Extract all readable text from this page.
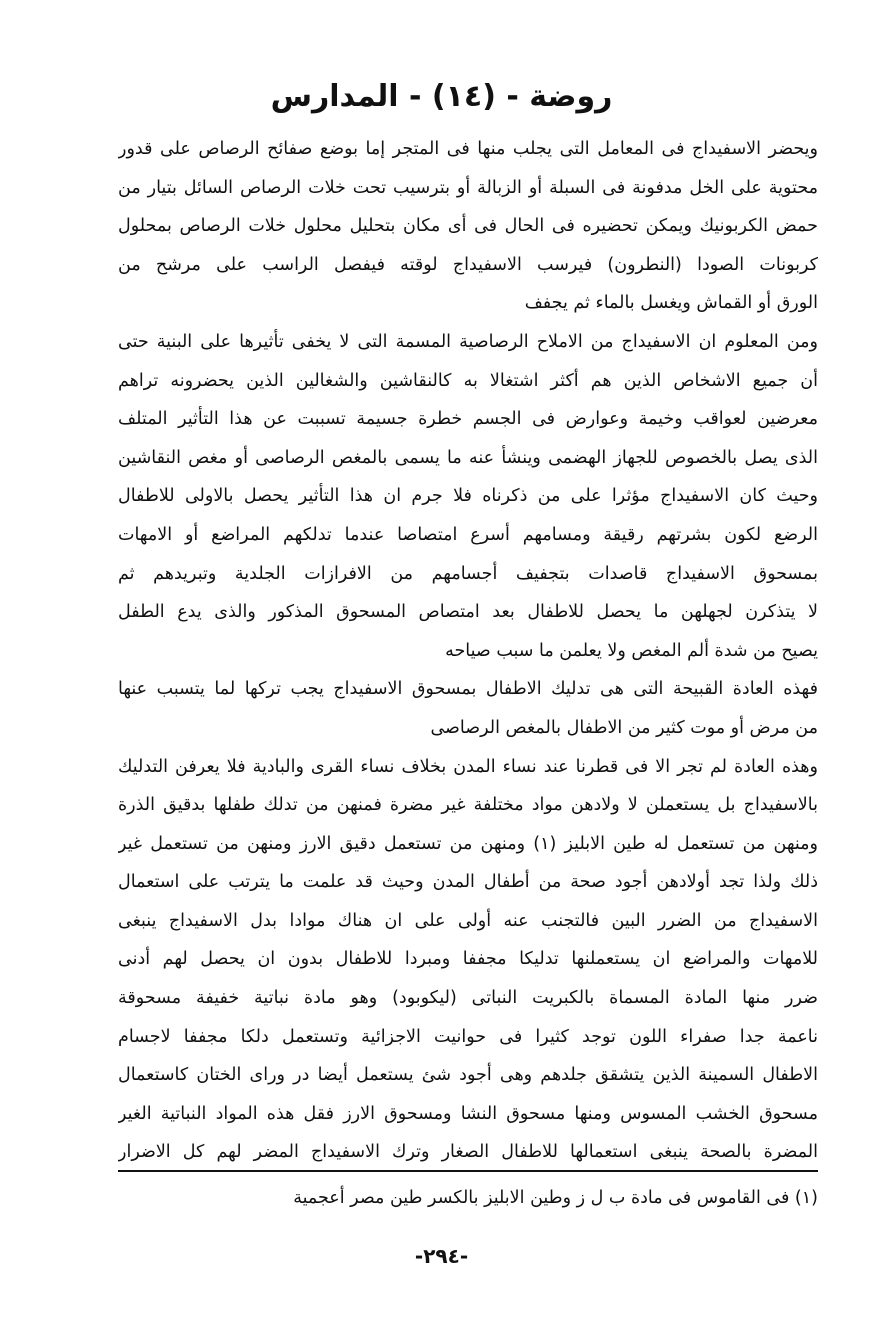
روضة - (١٤) - المدارس
ويحضر الاسفيداج فى المعامل التى يجلب منها فى المتجر إما بوضع صفائح الرصاص على قدور
محتوية على الخل مدفونة فى السبلة أو الزبالة أو بترسيب تحت خلات الرصاص السائل بتيار من
حمض الكربونيك ويمكن تحضيره فى الحال فى أى مكان بتحليل محلول خلات الرصاص بمحلول
كربونات الصودا (النطرون) فيرسب الاسفيداج لوقته فيفصل الراسب على مرشح من
الورق أو القماش ويغسل بالماء ثم يجفف
ومن المعلوم ان الاسفيداج من الاملاح الرصاصية المسمة التى لا يخفى تأثيرها على البنية حتى
أن جميع الاشخاص الذين هم أكثر اشتغالا به كالنقاشين والشغالين الذين يحضرونه تراهم
معرضين لعواقب وخيمة وعوارض فى الجسم خطرة جسيمة تسببت عن هذا التأثير المتلف
الذى يصل بالخصوص للجهاز الهضمى وينشأ عنه ما يسمى بالمغص الرصاصى أو مغص النقاشين
وحيث كان الاسفيداج مؤثرا على من ذكرناه فلا جرم ان هذا التأثير يحصل بالاولى للاطفال
الرضع لكون بشرتهم رقيقة ومسامهم أسرع امتصاصا عندما تدلكهم المراضع أو الامهات
بمسحوق الاسفيداج قاصدات بتجفيف أجسامهم من الافرازات الجلدية وتبريدهم ثم
لا يتذكرن لجهلهن ما يحصل للاطفال بعد امتصاص المسحوق المذكور والذى يدع الطفل
يصيح من شدة ألم المغص ولا يعلمن ما سبب صياحه
فهذه العادة القبيحة التى هى تدليك الاطفال بمسحوق الاسفيداج يجب تركها لما يتسبب عنها
من مرض أو موت كثير من الاطفال بالمغص الرصاصى
وهذه العادة لم تجر الا فى قطرنا عند نساء المدن بخلاف نساء القرى والبادية فلا يعرفن التدليك
بالاسفيداج بل يستعملن لا ولادهن مواد مختلفة غير مضرة فمنهن من تدلك طفلها بدقيق الذرة
ومنهن من تستعمل له طين الابليز (١) ومنهن من تستعمل دقيق الارز ومنهن من تستعمل غير
ذلك ولذا تجد أولادهن أجود صحة من أطفال المدن وحيث قد علمت ما يترتب على استعمال
الاسفيداج من الضرر البين فالتجنب عنه أولى على ان هناك موادا بدل الاسفيداج ينبغى
للامهات والمراضع ان يستعملنها تدليكا مجففا ومبردا للاطفال بدون ان يحصل لهم أدنى
ضرر منها المادة المسماة بالكبريت النباتى (ليكوبود) وهو مادة نباتية خفيفة مسحوقة
ناعمة جدا صفراء اللون توجد كثيرا فى حوانيت الاجزائية وتستعمل دلكا مجففا لاجسام
الاطفال السمينة الذين يتشقق جلدهم وهى أجود شئ يستعمل أيضا در وراى الختان كاستعمال
مسحوق الخشب المسوس ومنها مسحوق النشا ومسحوق الارز فقل هذه المواد النباتية الغير
المضرة بالصحة ينبغى استعمالها للاطفال الصغار وترك الاسفيداج المضر لهم كل الاضرار
(١) فى القاموس فى مادة ب ل ز وطين الابليز بالكسر طين مصر أعجمية
-٢٩٤-
